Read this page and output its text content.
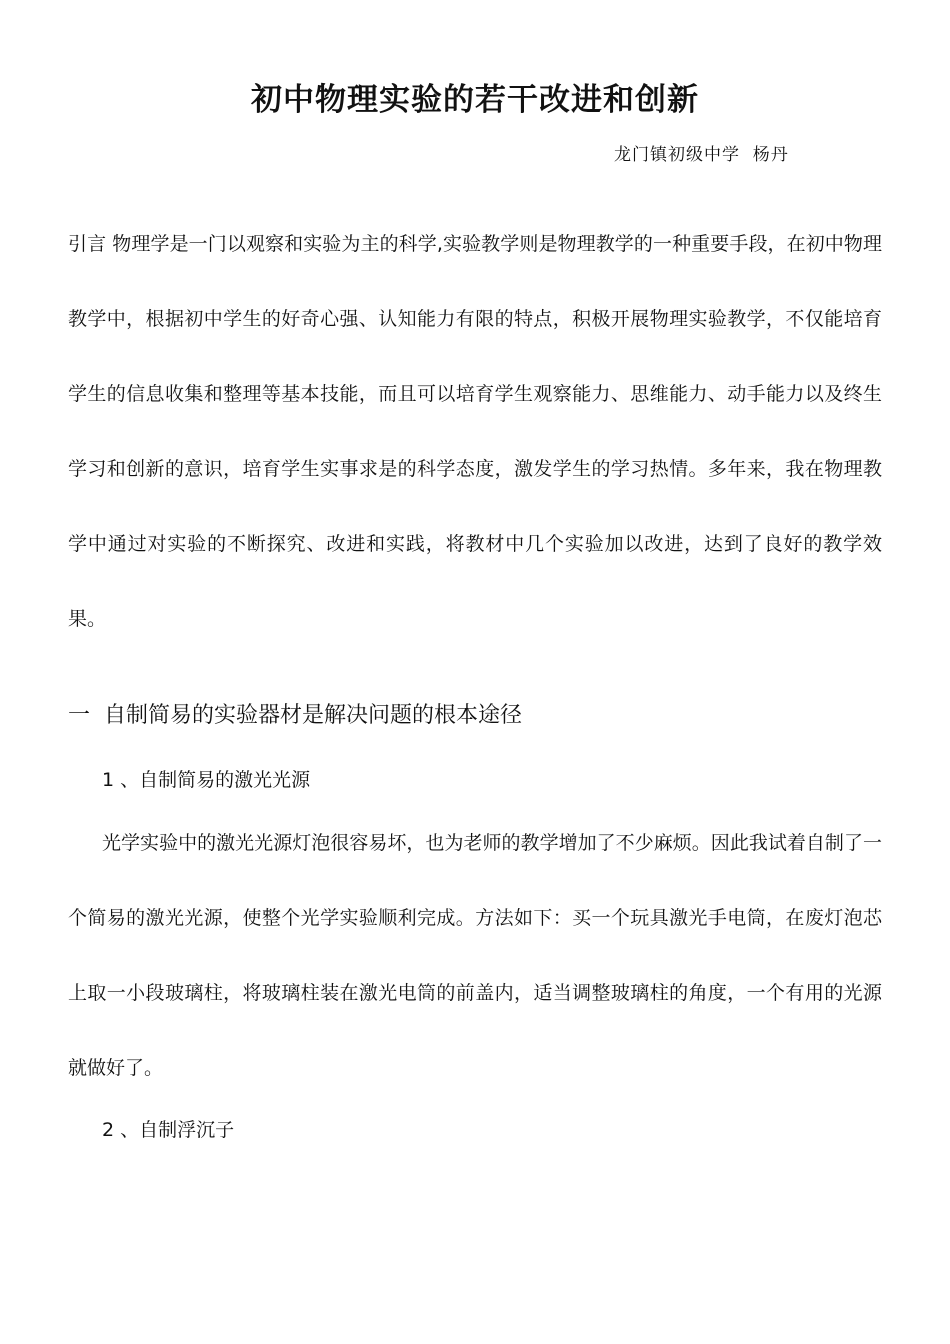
初中物理实验的若干改进和创新
龙门镇初级中学  杨丹

引言 物理学是一门以观察和实验为主的科学,实验教学则是物理教学的一种重要手段，在初中物理教学中，根据初中学生的好奇心强、认知能力有限的特点，积极开展物理实验教学，不仅能培育学生的信息收集和整理等基本技能，而且可以培育学生观察能力、思维能力、动手能力以及终生学习和创新的意识，培育学生实事求是的科学态度，激发学生的学习热情。多年来，我在物理教学中通过对实验的不断探究、改进和实践，将教材中几个实验加以改进，达到了良好的教学效果。

一  自制简易的实验器材是解决问题的根本途径
1 、自制简易的激光光源

光学实验中的激光光源灯泡很容易坏，也为老师的教学增加了不少麻烦。因此我试着自制了一个简易的激光光源，使整个光学实验顺利完成。方法如下：买一个玩具激光手电筒，在废灯泡芯上取一小段玻璃柱，将玻璃柱装在激光电筒的前盖内，适当调整玻璃柱的角度，一个有用的光源就做好了。

2 、自制浮沉子
